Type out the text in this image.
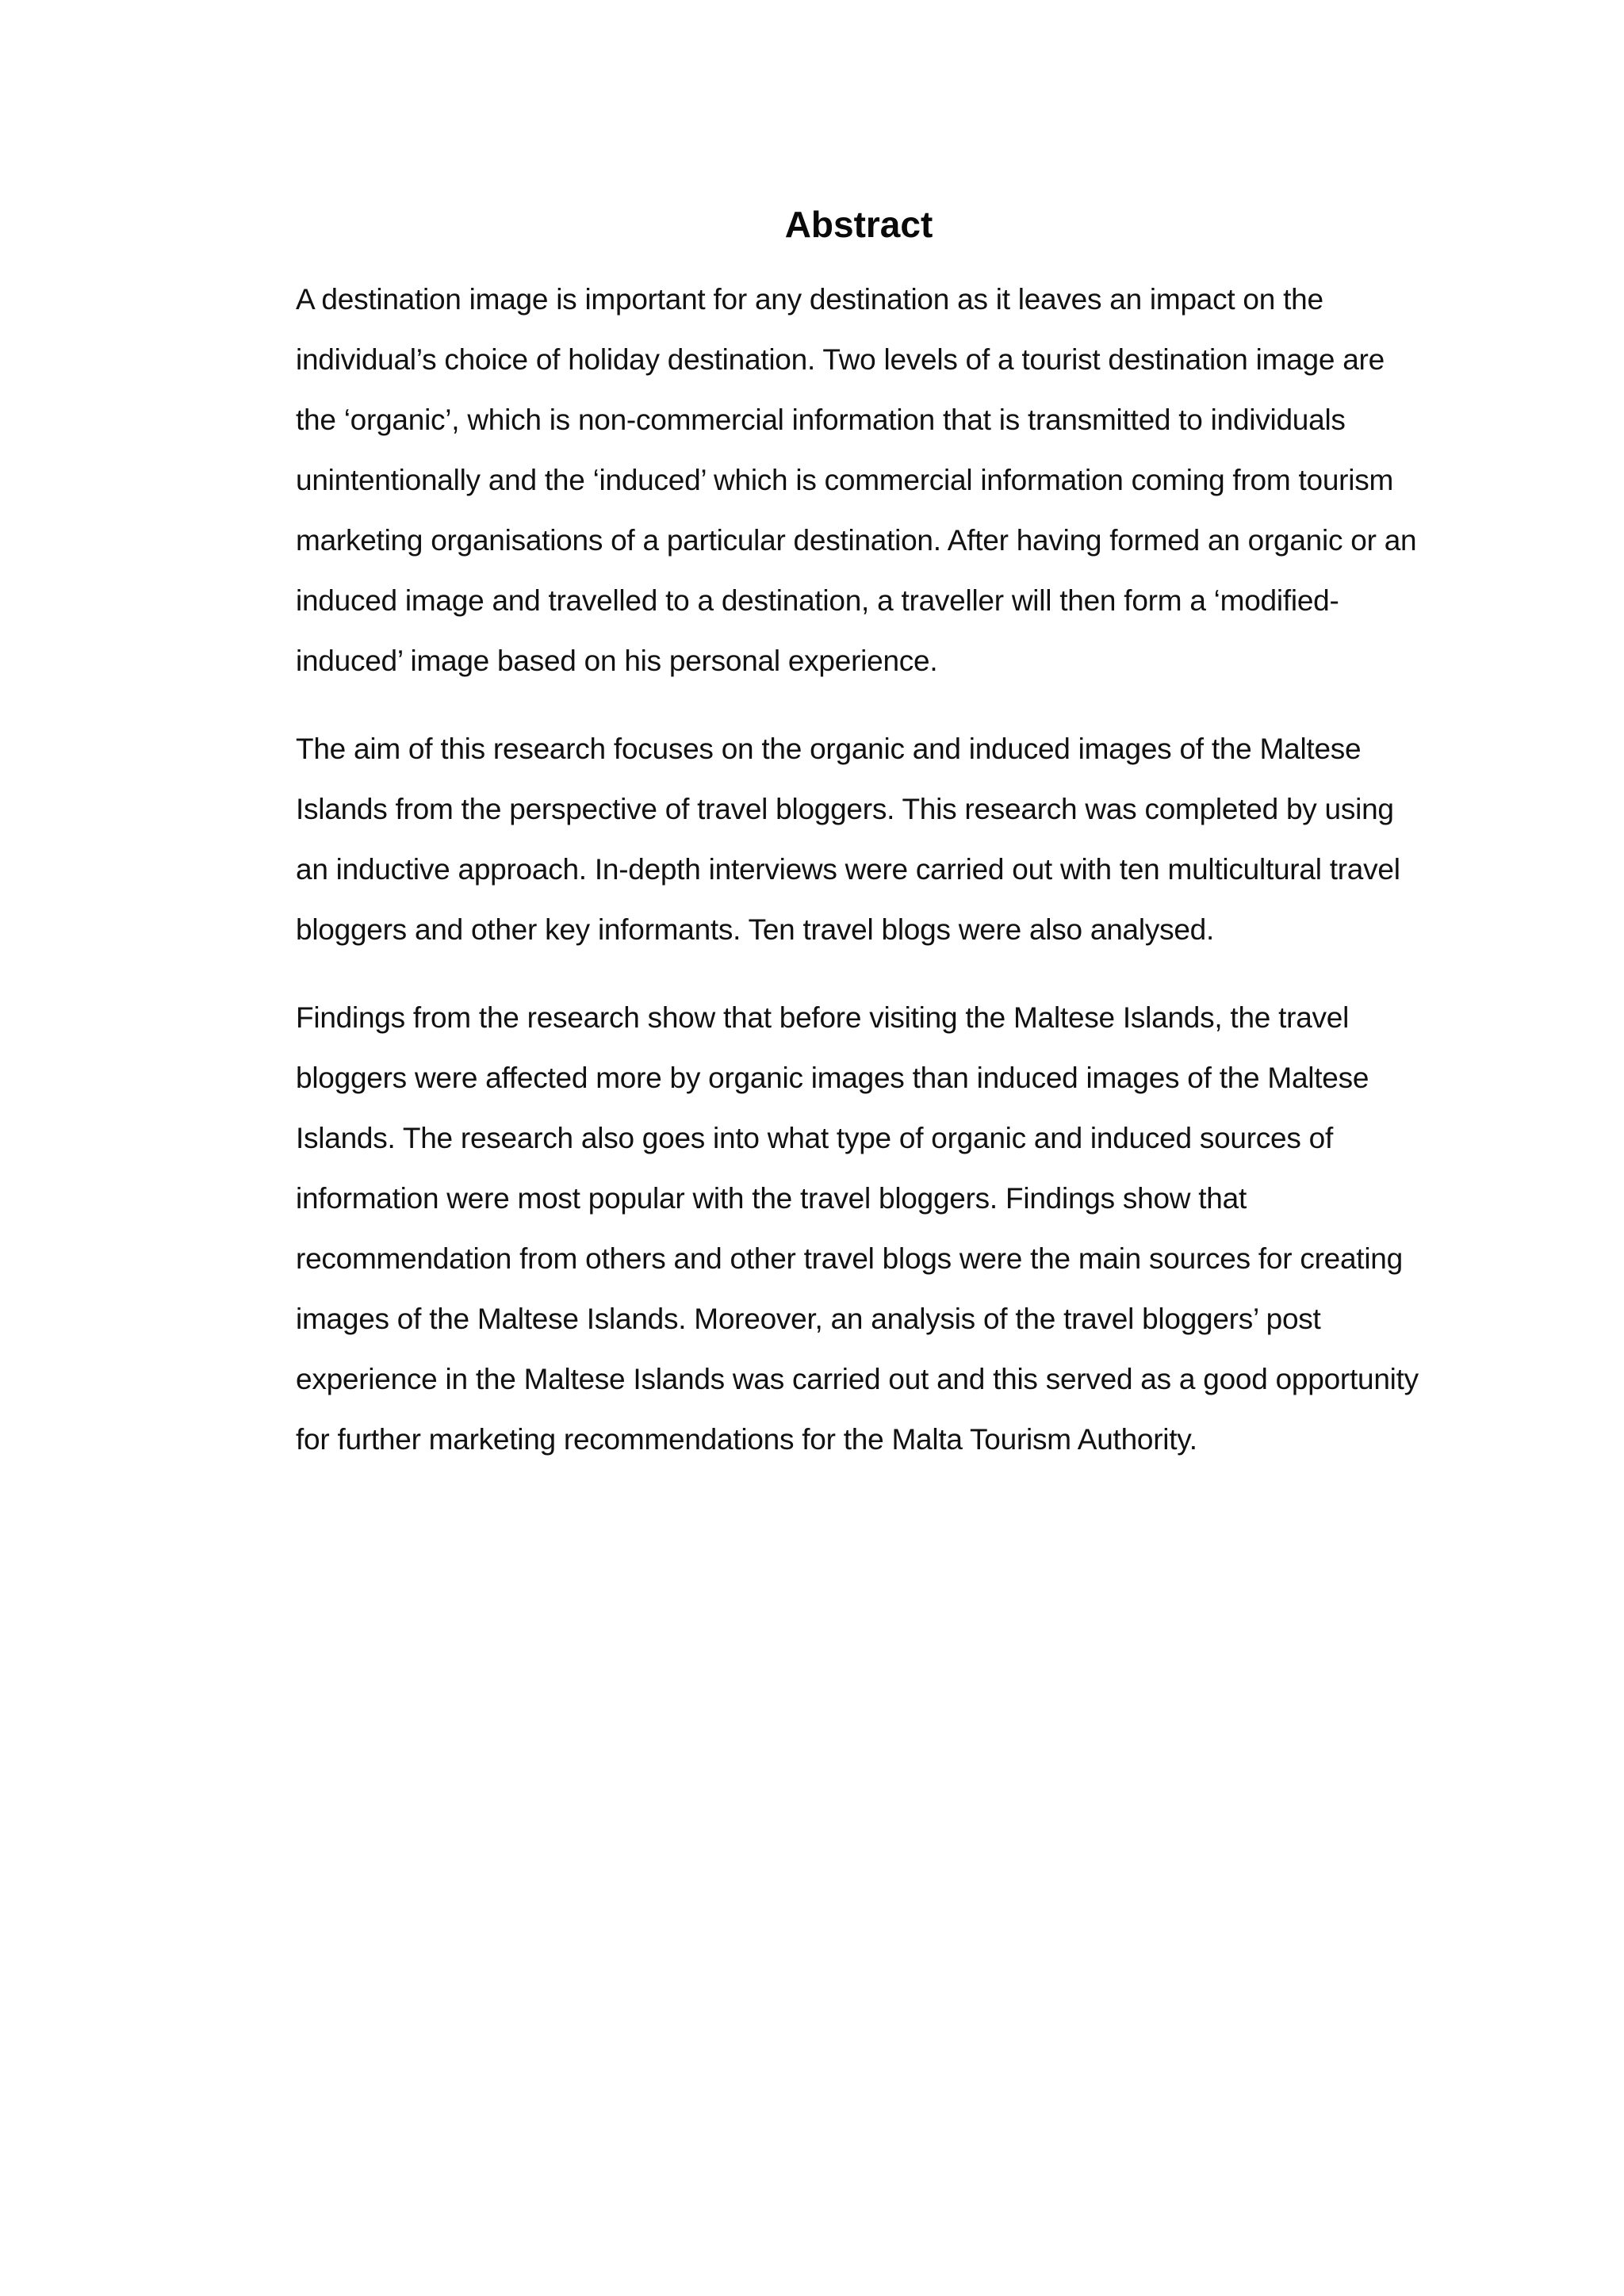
Abstract

A destination image is important for any destination as it leaves an impact on the individual’s choice of holiday destination. Two levels of a tourist destination image are the ‘organic’, which is non-commercial information that is transmitted to individuals unintentionally and the ‘induced’ which is commercial information coming from tourism marketing organisations of a particular destination. After having formed an organic or an induced image and travelled to a destination, a traveller will then form a ‘modified-induced’ image based on his personal experience.

The aim of this research focuses on the organic and induced images of the Maltese Islands from the perspective of travel bloggers. This research was completed by using an inductive approach. In-depth interviews were carried out with ten multicultural travel bloggers and other key informants. Ten travel blogs were also analysed.

Findings from the research show that before visiting the Maltese Islands, the travel bloggers were affected more by organic images than induced images of the Maltese Islands. The research also goes into what type of organic and induced sources of information were most popular with the travel bloggers. Findings show that recommendation from others and other travel blogs were the main sources for creating images of the Maltese Islands. Moreover, an analysis of the travel bloggers’ post experience in the Maltese Islands was carried out and this served as a good opportunity for further marketing recommendations for the Malta Tourism Authority.
